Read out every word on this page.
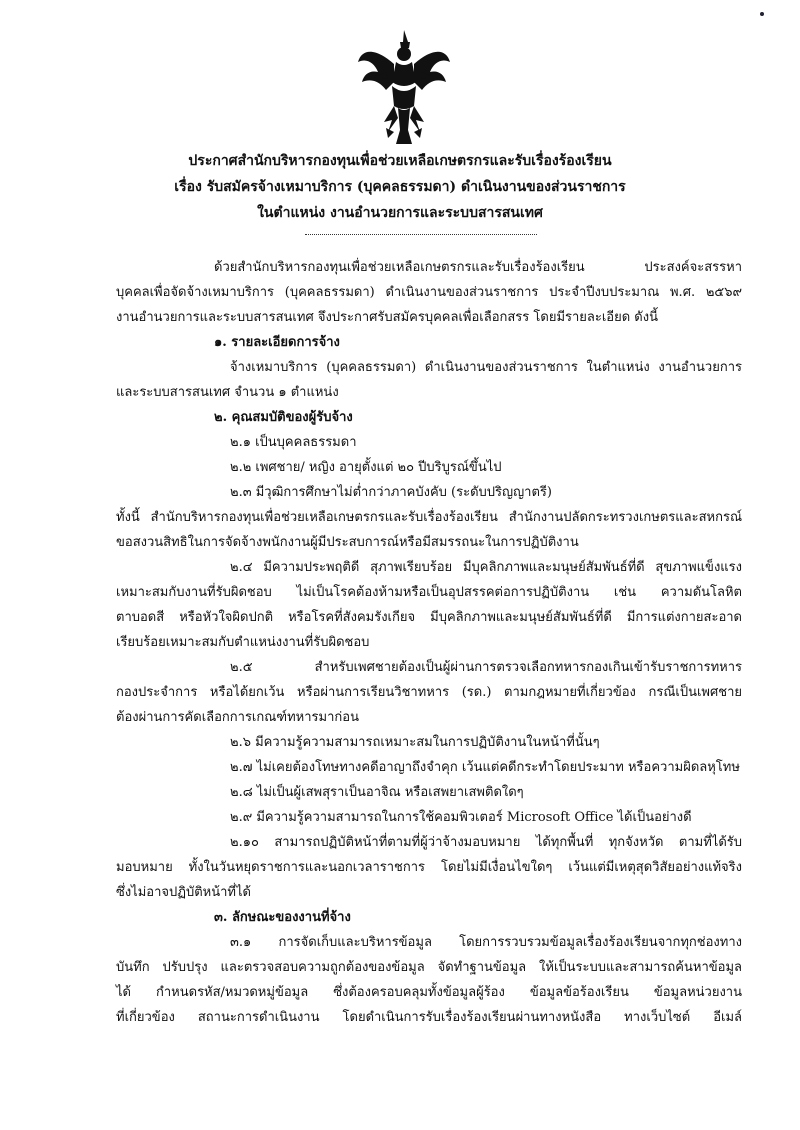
ประกาศสำนักบริหารกองทุนเพื่อช่วยเหลือเกษตรกรและรับเรื่องร้องเรียน
เรื่อง รับสมัครจ้างเหมาบริการ (บุคคลธรรมดา) ดำเนินงานของส่วนราชการ
ในตำแหน่ง งานอำนวยการและระบบสารสนเทศ
ด้วยสำนักบริหารกองทุนเพื่อช่วยเหลือเกษตรกรและรับเรื่องร้องเรียน ประสงค์จะสรรหา
บุคคลเพื่อจัดจ้างเหมาบริการ (บุคคลธรรมดา) ดำเนินงานของส่วนราชการ ประจำปีงบประมาณ พ.ศ. ๒๕๖๙
งานอำนวยการและระบบสารสนเทศ จึงประกาศรับสมัครบุคคลเพื่อเลือกสรร โดยมีรายละเอียด ดังนี้
๑. รายละเอียดการจ้าง
จ้างเหมาบริการ (บุคคลธรรมดา) ดำเนินงานของส่วนราชการ ในตำแหน่ง งานอำนวยการ
และระบบสารสนเทศ จำนวน ๑ ตำแหน่ง
๒. คุณสมบัติของผู้รับจ้าง
๒.๑ เป็นบุคคลธรรมดา
๒.๒ เพศชาย/ หญิง อายุตั้งแต่ ๒๐ ปีบริบูรณ์ขึ้นไป
๒.๓ มีวุฒิการศึกษาไม่ต่ำกว่าภาคบังคับ (ระดับปริญญาตรี)
ทั้งนี้ สำนักบริหารกองทุนเพื่อช่วยเหลือเกษตรกรและรับเรื่องร้องเรียน สำนักงานปลัดกระทรวงเกษตรและสหกรณ์
ขอสงวนสิทธิในการจัดจ้างพนักงานผู้มีประสบการณ์หรือมีสมรรถนะในการปฏิบัติงาน
๒.๔ มีความประพฤติดี สุภาพเรียบร้อย มีบุคลิกภาพและมนุษย์สัมพันธ์ที่ดี สุขภาพแข็งแรง
เหมาะสมกับงานที่รับผิดชอบ ไม่เป็นโรคต้องห้ามหรือเป็นอุปสรรคต่อการปฏิบัติงาน เช่น ความดันโลหิต
ตาบอดสี หรือหัวใจผิดปกติ หรือโรคที่สังคมรังเกียจ มีบุคลิกภาพและมนุษย์สัมพันธ์ที่ดี มีการแต่งกายสะอาด
เรียบร้อยเหมาะสมกับตำแหน่งงานที่รับผิดชอบ
๒.๕ สำหรับเพศชายต้องเป็นผู้ผ่านการตรวจเลือกทหารกองเกินเข้ารับราชการทหาร
กองประจำการ หรือได้ยกเว้น หรือผ่านการเรียนวิชาทหาร (รด.) ตามกฎหมายที่เกี่ยวข้อง กรณีเป็นเพศชาย
ต้องผ่านการคัดเลือกการเกณฑ์ทหารมาก่อน
๒.๖ มีความรู้ความสามารถเหมาะสมในการปฏิบัติงานในหน้าที่นั้นๆ
๒.๗ ไม่เคยต้องโทษทางคดีอาญาถึงจำคุก เว้นแต่คดีกระทำโดยประมาท หรือความผิดลหุโทษ
๒.๘ ไม่เป็นผู้เสพสุราเป็นอาจิณ หรือเสพยาเสพติดใดๆ
๒.๙ มีความรู้ความสามารถในการใช้คอมพิวเตอร์ Microsoft Office ได้เป็นอย่างดี
๒.๑๐ สามารถปฏิบัติหน้าที่ตามที่ผู้ว่าจ้างมอบหมาย ได้ทุกพื้นที่ ทุกจังหวัด ตามที่ได้รับ
มอบหมาย ทั้งในวันหยุดราชการและนอกเวลาราชการ โดยไม่มีเงื่อนไขใดๆ เว้นแต่มีเหตุสุดวิสัยอย่างแท้จริง
ซึ่งไม่อาจปฏิบัติหน้าที่ได้
๓. ลักษณะของงานที่จ้าง
๓.๑ การจัดเก็บและบริหารข้อมูล โดยการรวบรวมข้อมูลเรื่องร้องเรียนจากทุกช่องทาง
บันทึก ปรับปรุง และตรวจสอบความถูกต้องของข้อมูล จัดทำฐานข้อมูล ให้เป็นระบบและสามารถค้นหาข้อมูล
ได้ กำหนดรหัส/หมวดหมู่ข้อมูล ซึ่งต้องครอบคลุมทั้งข้อมูลผู้ร้อง ข้อมูลข้อร้องเรียน ข้อมูลหน่วยงาน
ที่เกี่ยวข้อง สถานะการดำเนินงาน โดยดำเนินการรับเรื่องร้องเรียนผ่านทางหนังสือ ทางเว็บไซต์ อีเมล์
